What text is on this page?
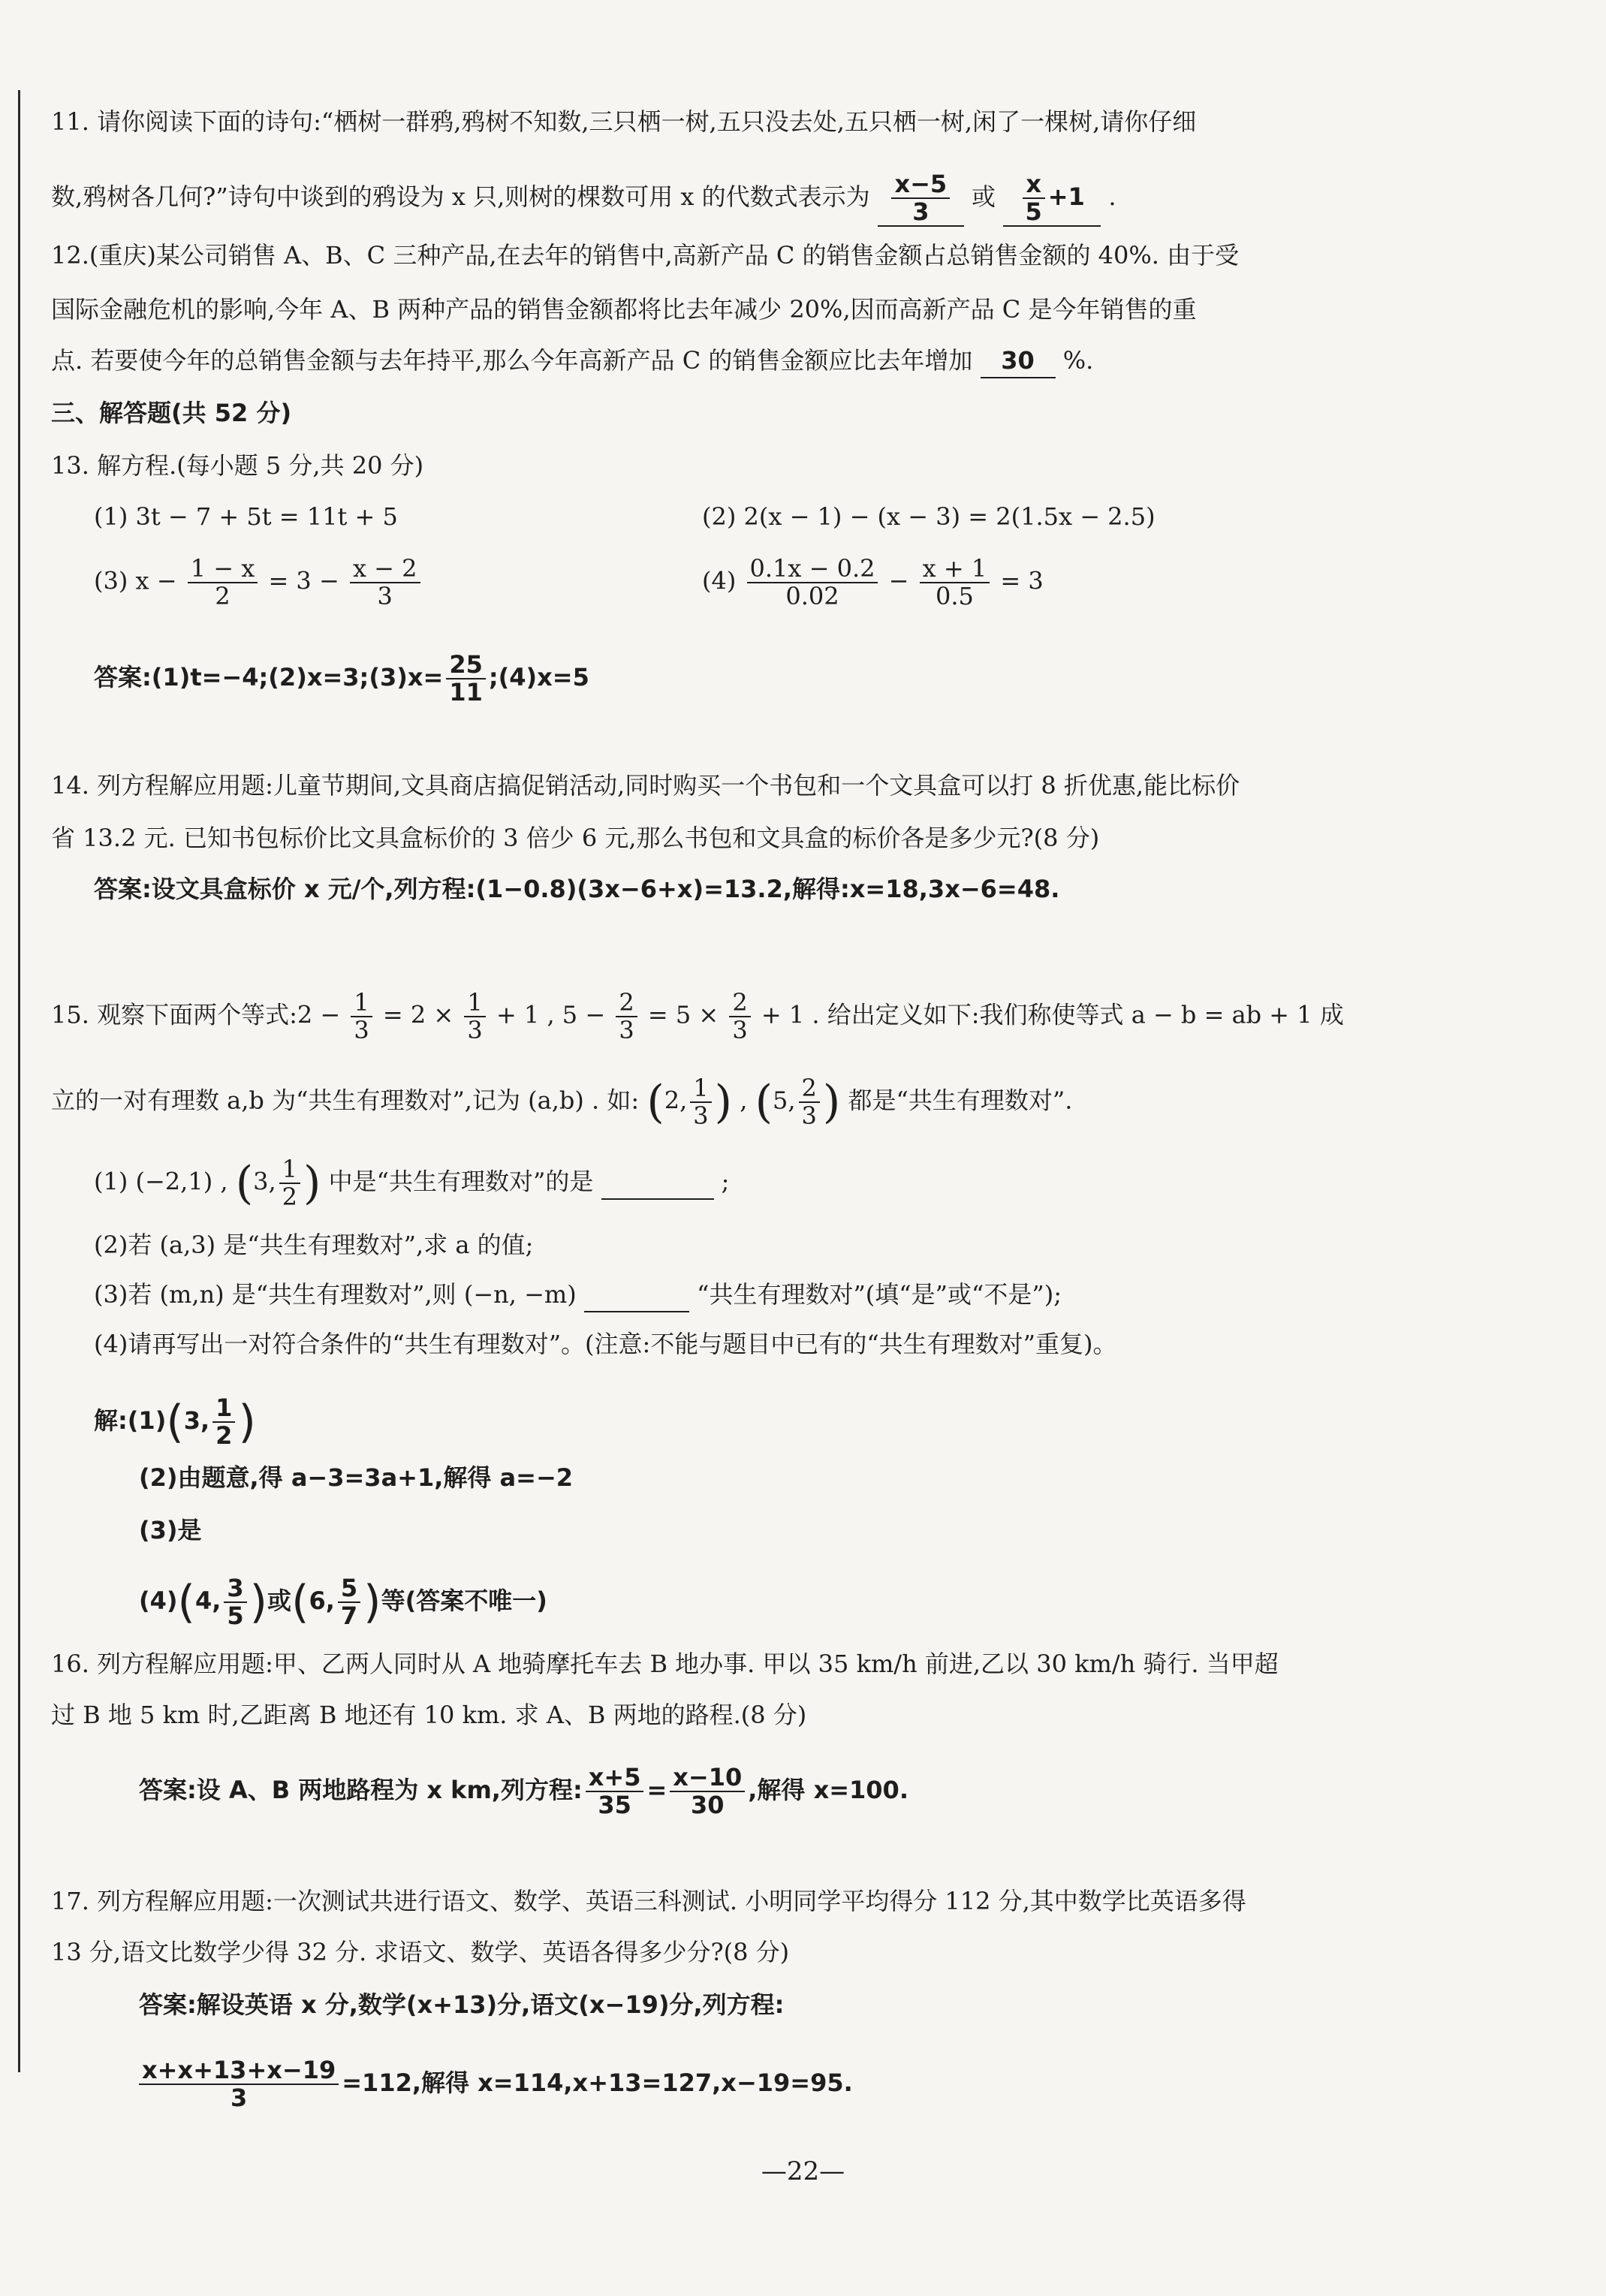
11. 请你阅读下面的诗句:“栖树一群鸦,鸦树不知数,三只栖一树,五只没去处,五只栖一树,闲了一棵树,请你仔细
数,鸦树各几何?”诗句中谈到的鸦设为 x 只,则树的棵数可用 x 的代数式表示为 $\frac{x-5}{3}$ 或 $\frac{x}{5} +1$ .
12.(重庆)某公司销售 A、B、C 三种产品,在去年的销售中,高新产品 C 的销售金额占总销售金额的 40%. 由于受
国际金融危机的影响,今年 A、B 两种产品的销售金额都将比去年减少 20%,因而高新产品 C 是今年销售的重
点. 若要使今年的总销售金额与去年持平,那么今年高新产品 C 的销售金额应比去年增加 30 %.
三、解答题(共 52 分)
13. 解方程.(每小题 5 分,共 20 分)
(1) 3t − 7 + 5t = 11t + 5	(2) 2(x − 1) − (x − 3) = 2(1.5x − 2.5)
(3) $x - \frac{1 - x}{2} = 3 - \frac{x - 2}{3}$	$(4) \frac{0.1x - 0.2}{0.02} - \frac{x + 1}{0.5} = 3$
答案:(1)t=−4;(2)x=3;(3)x= $\frac{25}{11}$ ;(4)x=5
14. 列方程解应用题:儿童节期间,文具商店搞促销活动,同时购买一个书包和一个文具盒可以打 8 折优惠,能比标价
省 13.2 元. 已知书包标价比文具盒标价的 3 倍少 6 元,那么书包和文具盒的标价各是多少元?(8 分)
答案:设文具盒标价 x 元/个,列方程:(1−0.8)(3x−6+x)=13.2,解得:x=18,3x−6=48.
15. 观察下面两个等式:2 − $\frac{1}{3} = 2 \times \frac{1}{3} + 1$ , $5 - \frac{2}{3} = 5 \times \frac{2}{3} + 1$ . 给出定义如下:我们称使等式 a − b = ab + 1 成
立的一对有理数 a,b 为“共生有理数对”,记为 (a,b) . 如: (2, $\frac{1}{3}$ ) , (5, $\frac{2}{3}$ ) 都是“共生有理数对”.
(1) (−2,1) , (3, $\frac{1}{2}$ ) 中是“共生有理数对”的是	;
(2)若 (a,3) 是“共生有理数对”,求 a 的值;
(3)若 (m,n) 是“共生有理数对”,则 (−n, −m)	“共生有理数对”(填“是”或“不是”);
(4)请再写出一对符合条件的“共生有理数对”。(注意:不能与题目中已有的“共生有理数对”重复)。
解:(1)(3, $\frac{1}{2}$ )
(2)由题意,得 a−3=3a+1,解得 a=−2
(3)是
(4)(4, $\frac{3}{5}$ )或(6, $\frac{5}{7}$ )等(答案不唯一)
16. 列方程解应用题:甲、乙两人同时从 A 地骑摩托车去 B 地办事. 甲以 35 km/h 前进,乙以 30 km/h 骑行. 当甲超
过 B 地 5 km 时,乙距离 B 地还有 10 km. 求 A、B 两地的路程.(8 分)
答案:设 A、B 两地路程为 x km,列方程: $\frac{x+5}{35} = \frac{x-10}{30}$ ,解得 x=100.
17. 列方程解应用题:一次测试共进行语文、数学、英语三科测试. 小明同学平均得分 112 分,其中数学比英语多得
13 分,语文比数学少得 32 分. 求语文、数学、英语各得多少分?(8 分)
答案:解设英语 x 分,数学(x+13)分,语文(x−19)分,列方程:
$\frac{x+x+13+x-19}{3} =112$,解得 x=114,x+13=127,x−19=95.
—22—
